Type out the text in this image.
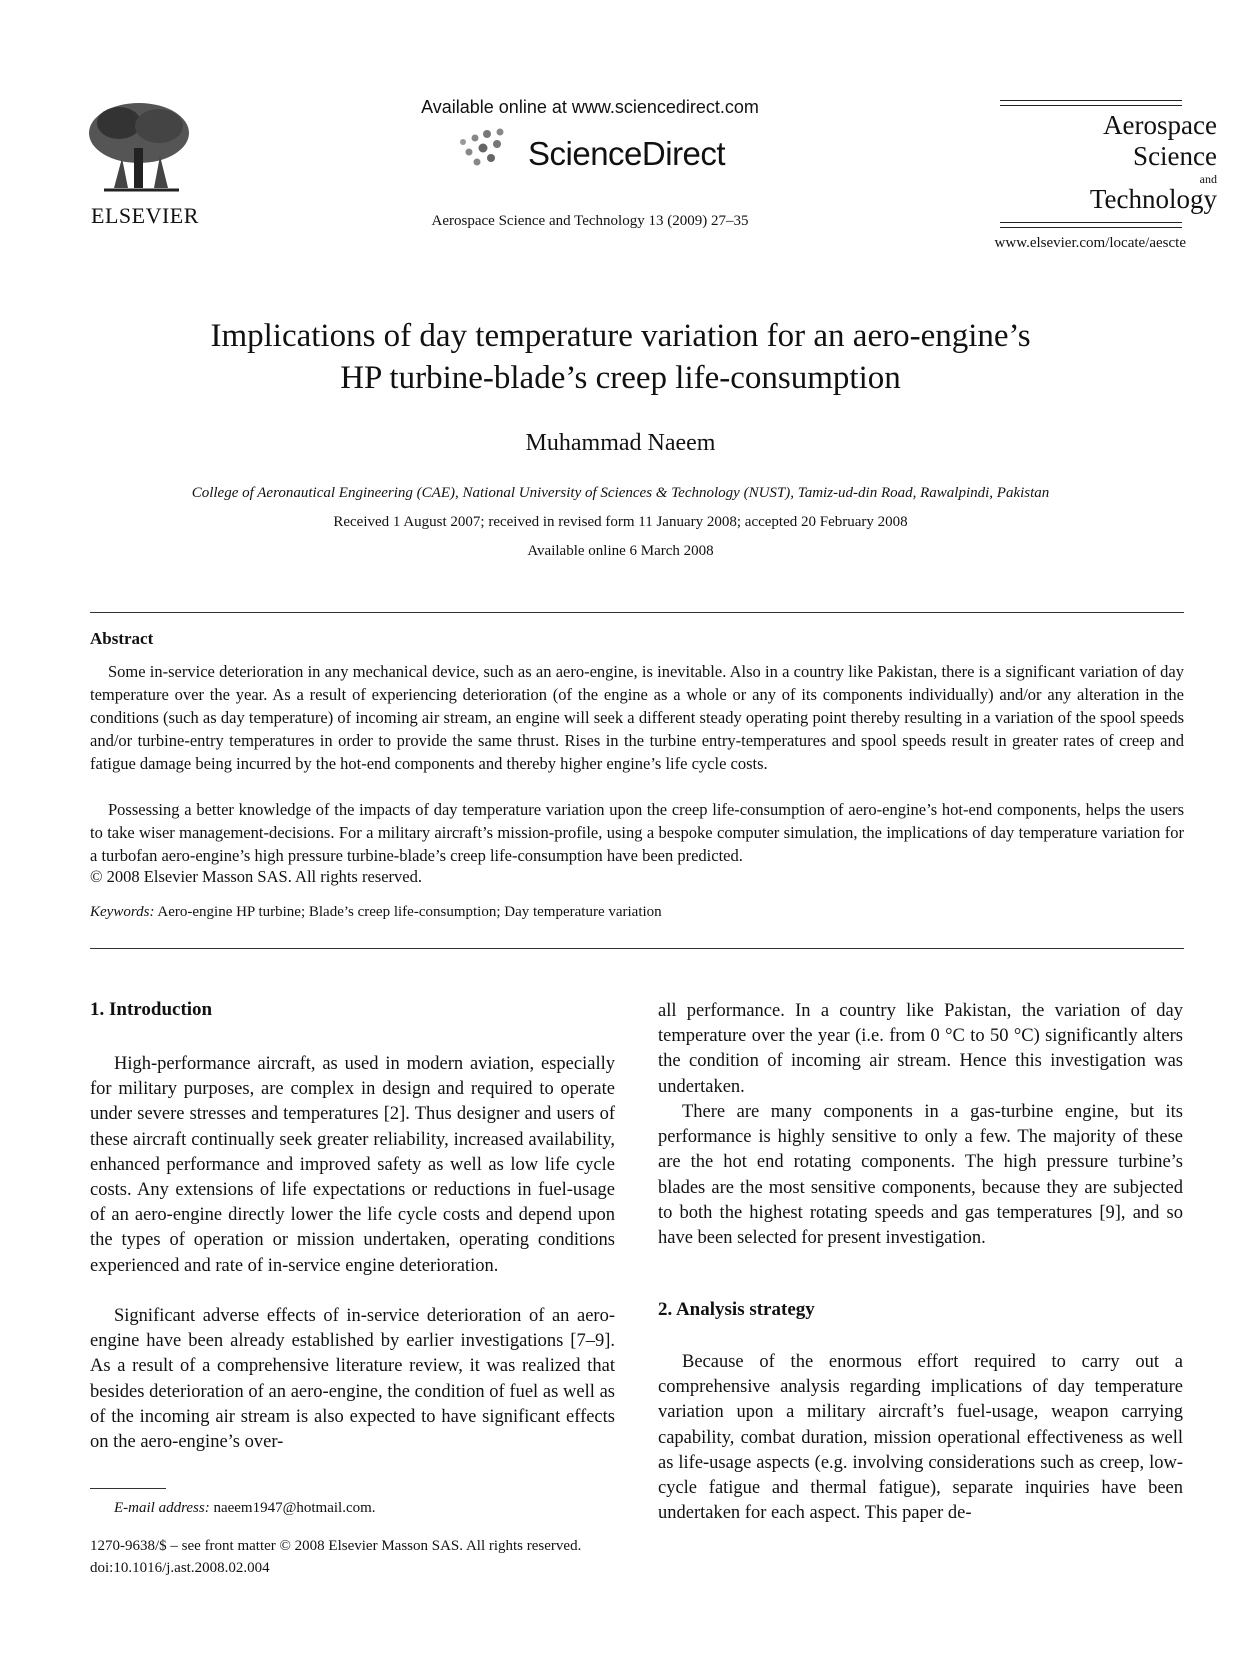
ELSEVIER
Available online at www.sciencedirect.com
ScienceDirect
Aerospace Science and Technology 13 (2009) 27–35
Aerospace
Science
and
Technology
www.elsevier.com/locate/aescte
Implications of day temperature variation for an aero-engine’s
HP turbine-blade’s creep life-consumption
Muhammad Naeem
College of Aeronautical Engineering (CAE), National University of Sciences & Technology (NUST), Tamiz-ud-din Road, Rawalpindi, Pakistan
Received 1 August 2007; received in revised form 11 January 2008; accepted 20 February 2008
Available online 6 March 2008
Abstract
Some in-service deterioration in any mechanical device, such as an aero-engine, is inevitable. Also in a country like Pakistan, there is a significant variation of day temperature over the year. As a result of experiencing deterioration (of the engine as a whole or any of its components individually) and/or any alteration in the conditions (such as day temperature) of incoming air stream, an engine will seek a different steady operating point thereby resulting in a variation of the spool speeds and/or turbine-entry temperatures in order to provide the same thrust. Rises in the turbine entry-temperatures and spool speeds result in greater rates of creep and fatigue damage being incurred by the hot-end components and thereby higher engine’s life cycle costs.
Possessing a better knowledge of the impacts of day temperature variation upon the creep life-consumption of aero-engine’s hot-end components, helps the users to take wiser management-decisions. For a military aircraft’s mission-profile, using a bespoke computer simulation, the implications of day temperature variation for a turbofan aero-engine’s high pressure turbine-blade’s creep life-consumption have been predicted.
© 2008 Elsevier Masson SAS. All rights reserved.
Keywords: Aero-engine HP turbine; Blade’s creep life-consumption; Day temperature variation
1. Introduction
High-performance aircraft, as used in modern aviation, especially for military purposes, are complex in design and required to operate under severe stresses and temperatures [2]. Thus designer and users of these aircraft continually seek greater reliability, increased availability, enhanced performance and improved safety as well as low life cycle costs. Any extensions of life expectations or reductions in fuel-usage of an aero-engine directly lower the life cycle costs and depend upon the types of operation or mission undertaken, operating conditions experienced and rate of in-service engine deterioration.
Significant adverse effects of in-service deterioration of an aero-engine have been already established by earlier investigations [7–9]. As a result of a comprehensive literature review, it was realized that besides deterioration of an aero-engine, the condition of fuel as well as of the incoming air stream is also expected to have significant effects on the aero-engine’s over-
all performance. In a country like Pakistan, the variation of day temperature over the year (i.e. from 0 °C to 50 °C) significantly alters the condition of incoming air stream. Hence this investigation was undertaken.
There are many components in a gas-turbine engine, but its performance is highly sensitive to only a few. The majority of these are the hot end rotating components. The high pressure turbine’s blades are the most sensitive components, because they are subjected to both the highest rotating speeds and gas temperatures [9], and so have been selected for present investigation.
2. Analysis strategy
Because of the enormous effort required to carry out a comprehensive analysis regarding implications of day temperature variation upon a military aircraft’s fuel-usage, weapon carrying capability, combat duration, mission operational effectiveness as well as life-usage aspects (e.g. involving considerations such as creep, low-cycle fatigue and thermal fatigue), separate inquiries have been undertaken for each aspect. This paper de-
E-mail address: naeem1947@hotmail.com.
1270-9638/$ – see front matter © 2008 Elsevier Masson SAS. All rights reserved.
doi:10.1016/j.ast.2008.02.004
